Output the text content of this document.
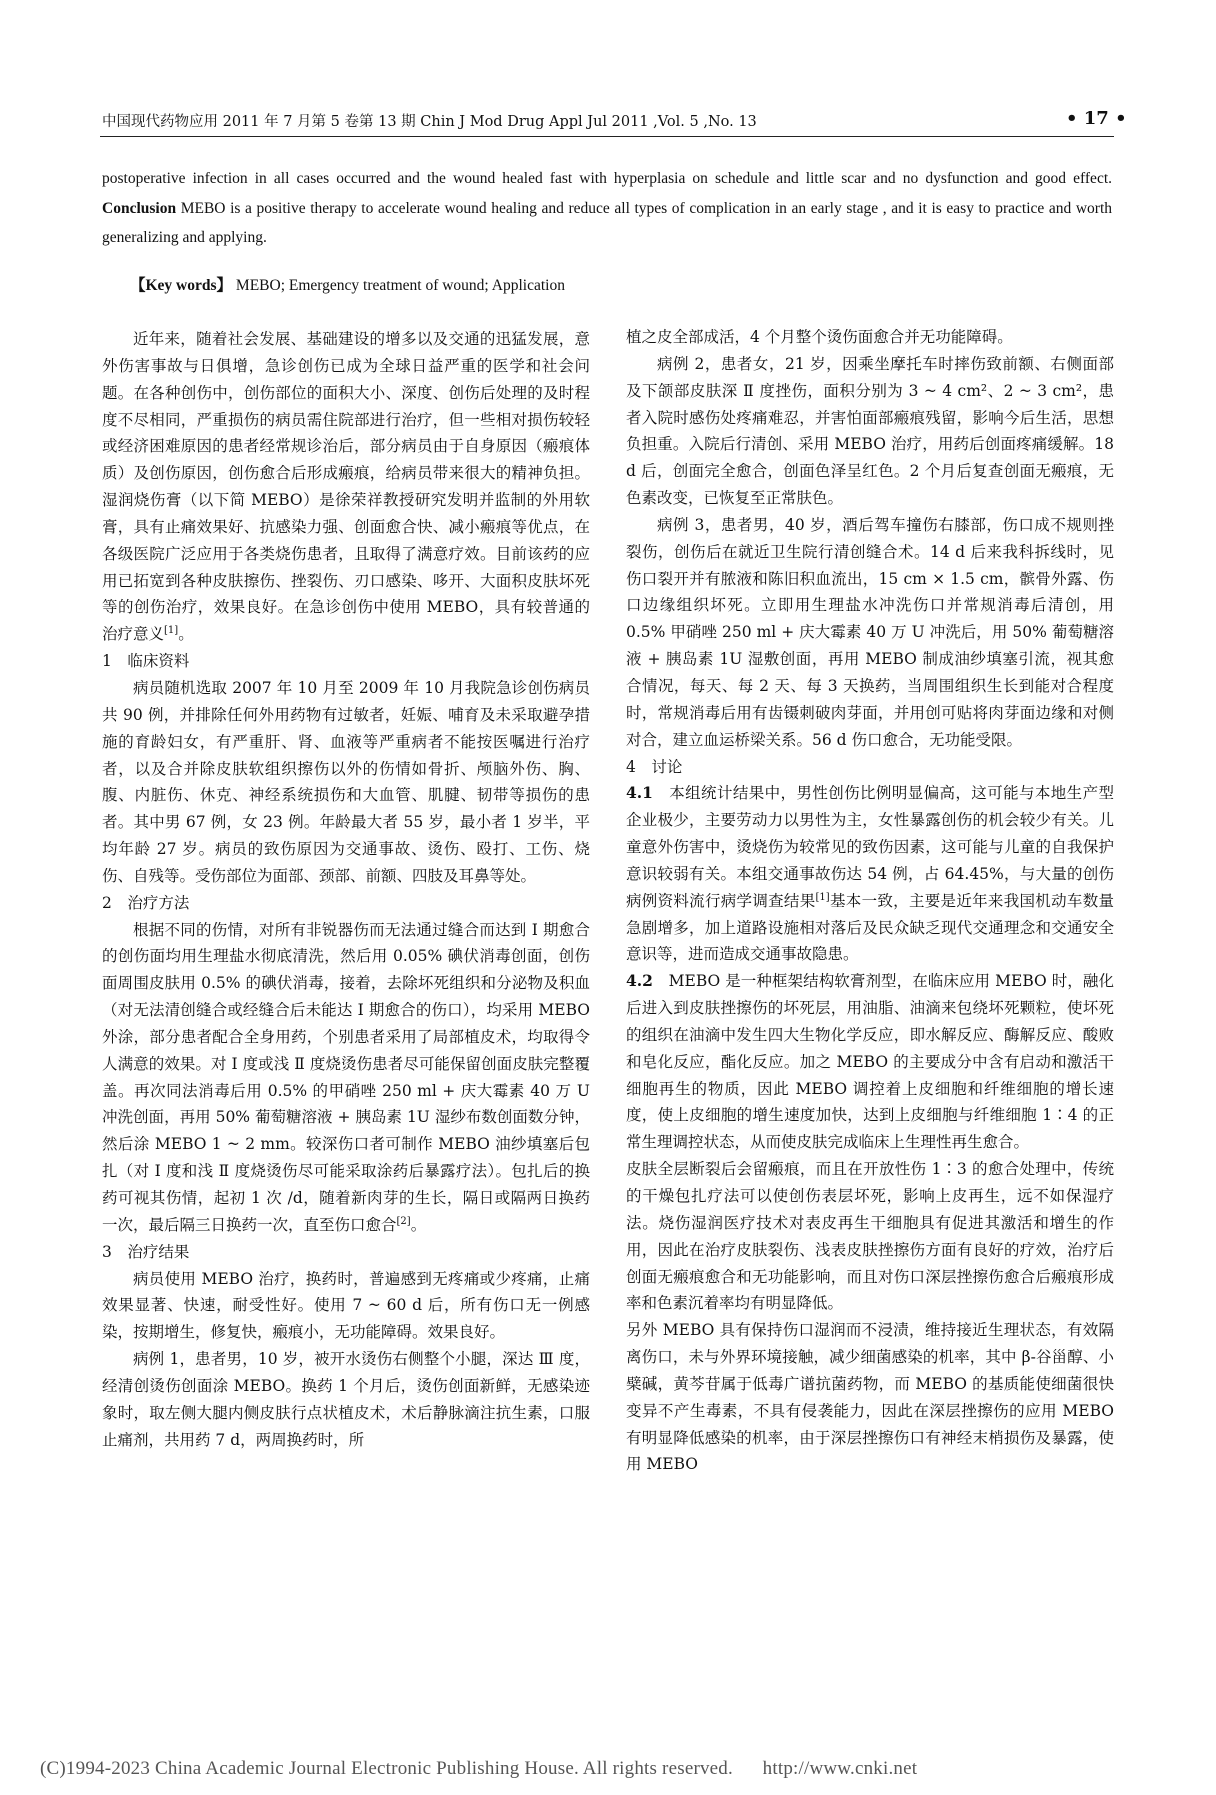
中国现代药物应用 2011 年 7 月第 5 卷第 13 期 Chin J Mod Drug Appl Jul 2011 ,Vol. 5 ,No. 13	• 17 •
postoperative infection in all cases occurred and the wound healed fast with hyperplasia on schedule and little scar and no dysfunction and good effect. Conclusion MEBO is a positive therapy to accelerate wound healing and reduce all types of complication in an early stage , and it is easy to practice and worth generalizing and applying.
【Key words】 MEBO; Emergency treatment of wound; Application

近年来，随着社会发展、基础建设的增多以及交通的迅猛发展，意外伤害事故与日俱增，急诊创伤已成为全球日益严重的医学和社会问题。在各种创伤中，创伤部位的面积大小、深度、创伤后处理的及时程度不尽相同，严重损伤的病员需住院部进行治疗，但一些相对损伤较轻或经济困难原因的患者经常规诊治后，部分病员由于自身原因（瘢痕体质）及创伤原因，创伤愈合后形成瘢痕，给病员带来很大的精神负担。湿润烧伤膏（以下简 MEBO）是徐荣祥教授研究发明并监制的外用软膏，具有止痛效果好、抗感染力强、创面愈合快、减小瘢痕等优点，在各级医院广泛应用于各类烧伤患者，且取得了满意疗效。目前该药的应用已拓宽到各种皮肤擦伤、挫裂伤、刃口感染、哆开、大面积皮肤坏死等的创伤治疗，效果良好。在急诊创伤中使用 MEBO，具有较普通的治疗意义[1]。

1　临床资料

病员随机选取 2007 年 10 月至 2009 年 10 月我院急诊创伤病员共 90 例，并排除任何外用药物有过敏者，妊娠、哺育及未采取避孕措施的育龄妇女，有严重肝、肾、血液等严重病者不能按医嘱进行治疗者，以及合并除皮肤软组织擦伤以外的伤情如骨折、颅脑外伤、胸、腹、内脏伤、休克、神经系统损伤和大血管、肌腱、韧带等损伤的患者。其中男 67 例，女 23 例。年龄最大者 55 岁，最小者 1 岁半，平均年龄 27 岁。病员的致伤原因为交通事故、烫伤、殴打、工伤、烧伤、自残等。受伤部位为面部、颈部、前额、四肢及耳鼻等处。

2　治疗方法

根据不同的伤情，对所有非锐器伤而无法通过缝合而达到 I 期愈合的创伤面均用生理盐水彻底清洗，然后用 0.05% 碘伏消毒创面，创伤面周围皮肤用 0.5% 的碘伏消毒，接着，去除坏死组织和分泌物及积血（对无法清创缝合或经缝合后未能达 I 期愈合的伤口），均采用 MEBO 外涂，部分患者配合全身用药，个别患者采用了局部植皮术，均取得令人满意的效果。对 I 度或浅 Ⅱ 度烧烫伤患者尽可能保留创面皮肤完整覆盖。再次同法消毒后用 0.5% 的甲硝唑 250 ml + 庆大霉素 40 万 U 冲洗创面，再用 50% 葡萄糖溶液 + 胰岛素 1U 湿纱布数创面数分钟，然后涂 MEBO 1 ~ 2 mm。较深伤口者可制作 MEBO 油纱填塞后包扎（对 I 度和浅 Ⅱ 度烧烫伤尽可能采取涂药后暴露疗法）。包扎后的换药可视其伤情，起初 1 次 /d，随着新肉芽的生长，隔日或隔两日换药一次，最后隔三日换药一次，直至伤口愈合[2]。

3　治疗结果

病员使用 MEBO 治疗，换药时，普遍感到无疼痛或少疼痛，止痛效果显著、快速，耐受性好。使用 7 ~ 60 d 后，所有伤口无一例感染，按期增生，修复快，瘢痕小，无功能障碍。效果良好。

病例 1，患者男，10 岁，被开水烫伤右侧整个小腿，深达 Ⅲ 度，经清创烫伤创面涂 MEBO。换药 1 个月后，烫伤创面新鲜，无感染迹象时，取左侧大腿内侧皮肤行点状植皮术，术后静脉滴注抗生素，口服止痛剂，共用药 7 d，两周换药时，所

植之皮全部成活，4 个月整个烫伤面愈合并无功能障碍。

病例 2，患者女，21 岁，因乘坐摩托车时摔伤致前额、右侧面部及下颌部皮肤深 Ⅱ 度挫伤，面积分别为 3 ~ 4 cm²、2 ~ 3 cm²，患者入院时感伤处疼痛难忍，并害怕面部瘢痕残留，影响今后生活，思想负担重。入院后行清创、采用 MEBO 治疗，用药后创面疼痛缓解。18 d 后，创面完全愈合，创面色泽呈红色。2 个月后复查创面无瘢痕，无色素改变，已恢复至正常肤色。

病例 3，患者男，40 岁，酒后驾车撞伤右膝部，伤口成不规则挫裂伤，创伤后在就近卫生院行清创缝合术。14 d 后来我科拆线时，见伤口裂开并有脓液和陈旧积血流出，15 cm × 1.5 cm，髌骨外露、伤口边缘组织坏死。立即用生理盐水冲洗伤口并常规消毒后清创，用 0.5% 甲硝唑 250 ml + 庆大霉素 40 万 U 冲洗后，用 50% 葡萄糖溶液 + 胰岛素 1U 湿敷创面，再用 MEBO 制成油纱填塞引流，视其愈合情况，每天、每 2 天、每 3 天换药，当周围组织生长到能对合程度时，常规消毒后用有齿镊刺破肉芽面，并用创可贴将肉芽面边缘和对侧对合，建立血运桥梁关系。56 d 伤口愈合，无功能受限。

4　讨论

4.1　 本组统计结果中，男性创伤比例明显偏高，这可能与本地生产型企业极少，主要劳动力以男性为主，女性暴露创伤的机会较少有关。儿童意外伤害中，烫烧伤为较常见的致伤因素，这可能与儿童的自我保护意识较弱有关。本组交通事故伤达 54 例，占 64.45%，与大量的创伤病例资料流行病学调查结果[1]基本一致，主要是近年来我国机动车数量急剧增多，加上道路设施相对落后及民众缺乏现代交通理念和交通安全意识等，进而造成交通事故隐患。

4.2　 MEBO 是一种框架结构软膏剂型，在临床应用 MEBO 时，融化后进入到皮肤挫擦伤的坏死层，用油脂、油滴来包绕坏死颗粒，使坏死的组织在油滴中发生四大生物化学反应，即水解反应、酶解反应、酸败和皂化反应，酯化反应。加之 MEBO 的主要成分中含有启动和激活干细胞再生的物质，因此 MEBO 调控着上皮细胞和纤维细胞的增长速度，使上皮细胞的增生速度加快，达到上皮细胞与纤维细胞 1∶4 的正常生理调控状态，从而使皮肤完成临床上生理性再生愈合。

皮肤全层断裂后会留瘢痕，而且在开放性伤 1∶3 的愈合处理中，传统的干燥包扎疗法可以使创伤表层坏死，影响上皮再生，远不如保湿疗法。烧伤湿润医疗技术对表皮再生干细胞具有促进其激活和增生的作用，因此在治疗皮肤裂伤、浅表皮肤挫擦伤方面有良好的疗效，治疗后创面无瘢痕愈合和无功能影响，而且对伤口深层挫擦伤愈合后瘢痕形成率和色素沉着率均有明显降低。

另外 MEBO 具有保持伤口湿润而不浸渍，维持接近生理状态，有效隔离伤口，未与外界环境接触，减少细菌感染的机率，其中 β-谷甾醇、小檗碱，黄芩苷属于低毒广谱抗菌药物，而 MEBO 的基质能使细菌很快变异不产生毒素，不具有侵袭能力，因此在深层挫擦伤的应用 MEBO 有明显降低感染的机率，由于深层挫擦伤口有神经末梢损伤及暴露，使用 MEBO

(C)1994-2023 China Academic Journal Electronic Publishing House. All rights reserved. http://www.cnki.net
